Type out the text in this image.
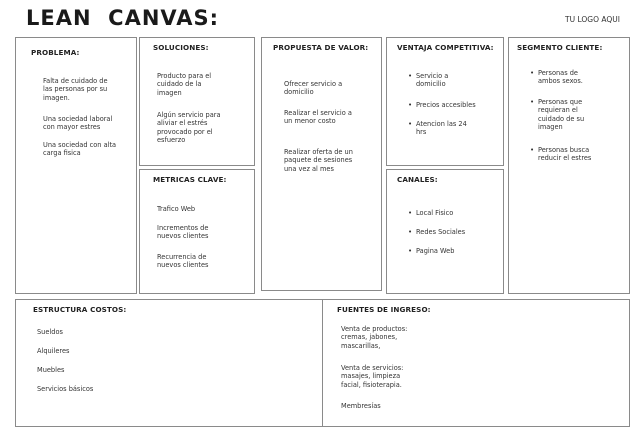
LEAN  CANVAS:	TU LOGO AQUI
PROBLEMA:
Falta de cuidado de las personas por su imagen.
Una sociedad laboral con mayor estres
Una sociedad con alta carga fisica
SOLUCIONES:
Producto para el cuidado de la imagen
Algún servicio para aliviar el estrés provocado por el esfuerzo
METRICAS CLAVE:
Trafico Web
Incrementos de nuevos clientes
Recurrencia de nuevos clientes
PROPUESTA DE VALOR:
Ofrecer servicio a domicilio
Realizar el servicio a un menor costo
Realizar oferta de un paquete de sesiones una vez al mes
VENTAJA COMPETITIVA:
• Servicio a domicilio
• Precios accesibles
• Atencion las 24 hrs
CANALES:
• Local Fisico
• Redes Sociales
• Pagina Web
SEGMENTO CLIENTE:
• Personas de ambos sexos.
• Personas que requieran el cuidado de su imagen
• Personas busca reducir el estres
ESTRUCTURA COSTOS:
Sueldos
Alquileres
Muebles
Servicios básicos
FUENTES DE INGRESO:
Venta de productos: cremas, jabones, mascarillas,
Venta de servicios: masajes, limpieza facial, fisioterapia.
Membresías
